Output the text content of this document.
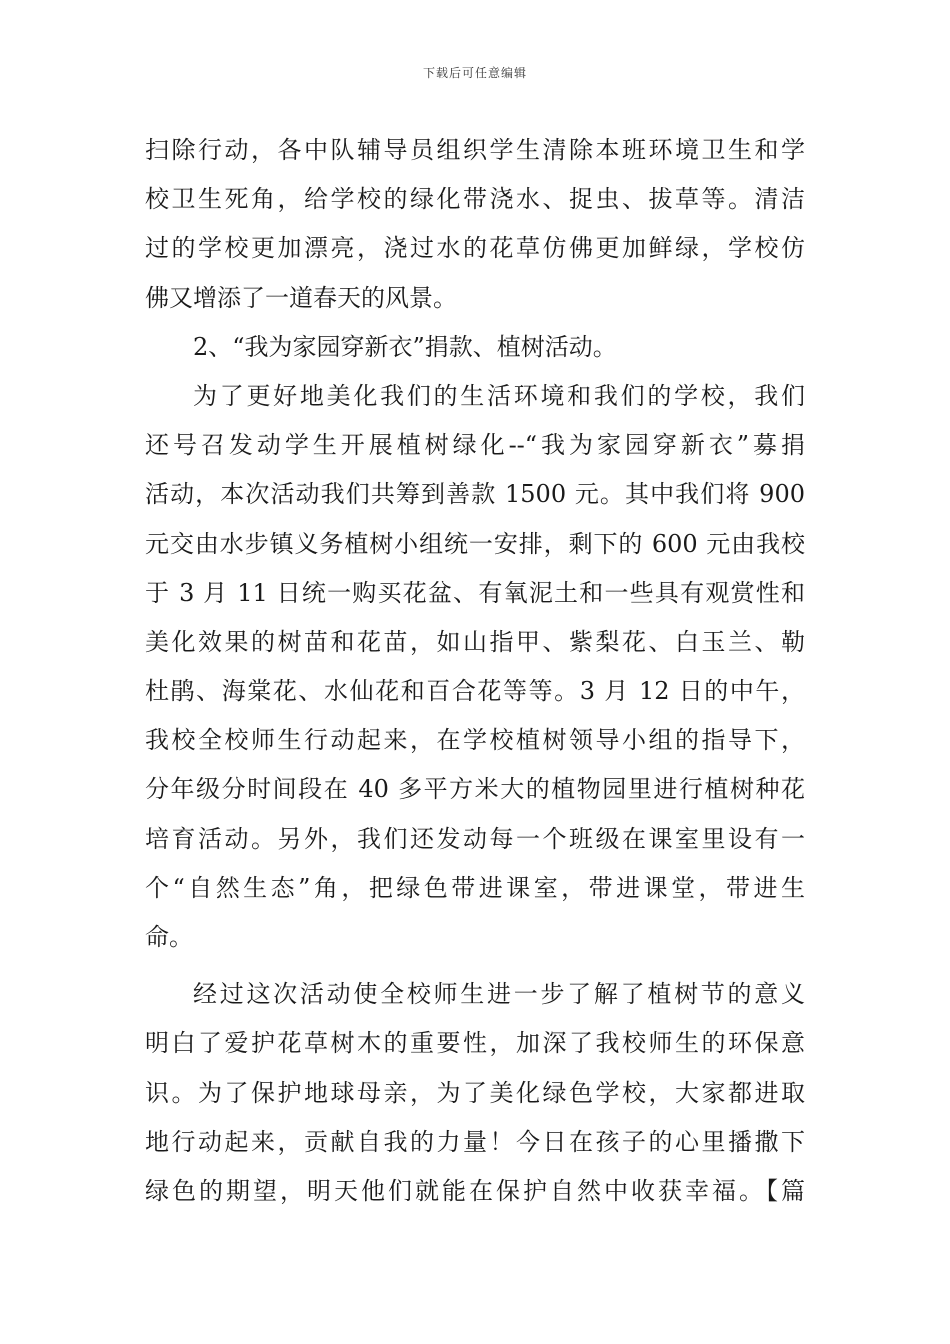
下载后可任意编辑
扫除行动，各中队辅导员组织学生清除本班环境卫生和学
校卫生死角，给学校的绿化带浇水、捉虫、拔草等。清洁
过的学校更加漂亮，浇过水的花草仿佛更加鲜绿，学校仿
佛又增添了一道春天的风景。
2、“我为家园穿新衣”捐款、植树活动。
为了更好地美化我们的生活环境和我们的学校，我们
还号召发动学生开展植树绿化--“我为家园穿新衣”募捐
活动，本次活动我们共筹到善款 1500 元。其中我们将 900
元交由水步镇义务植树小组统一安排，剩下的 600 元由我校
于 3 月 11 日统一购买花盆、有氧泥土和一些具有观赏性和
美化效果的树苗和花苗，如山指甲、紫梨花、白玉兰、勒
杜鹃、海棠花、水仙花和百合花等等。3 月 12 日的中午，
我校全校师生行动起来，在学校植树领导小组的指导下，
分年级分时间段在 40 多平方米大的植物园里进行植树种花
培育活动。另外，我们还发动每一个班级在课室里设有一
个“自然生态”角，把绿色带进课室，带进课堂，带进生
命。
经过这次活动使全校师生进一步了解了植树节的意义
明白了爱护花草树木的重要性，加深了我校师生的环保意
识。为了保护地球母亲，为了美化绿色学校，大家都进取
地行动起来，贡献自我的力量！今日在孩子的心里播撒下
绿色的期望，明天他们就能在保护自然中收获幸福。【篇
